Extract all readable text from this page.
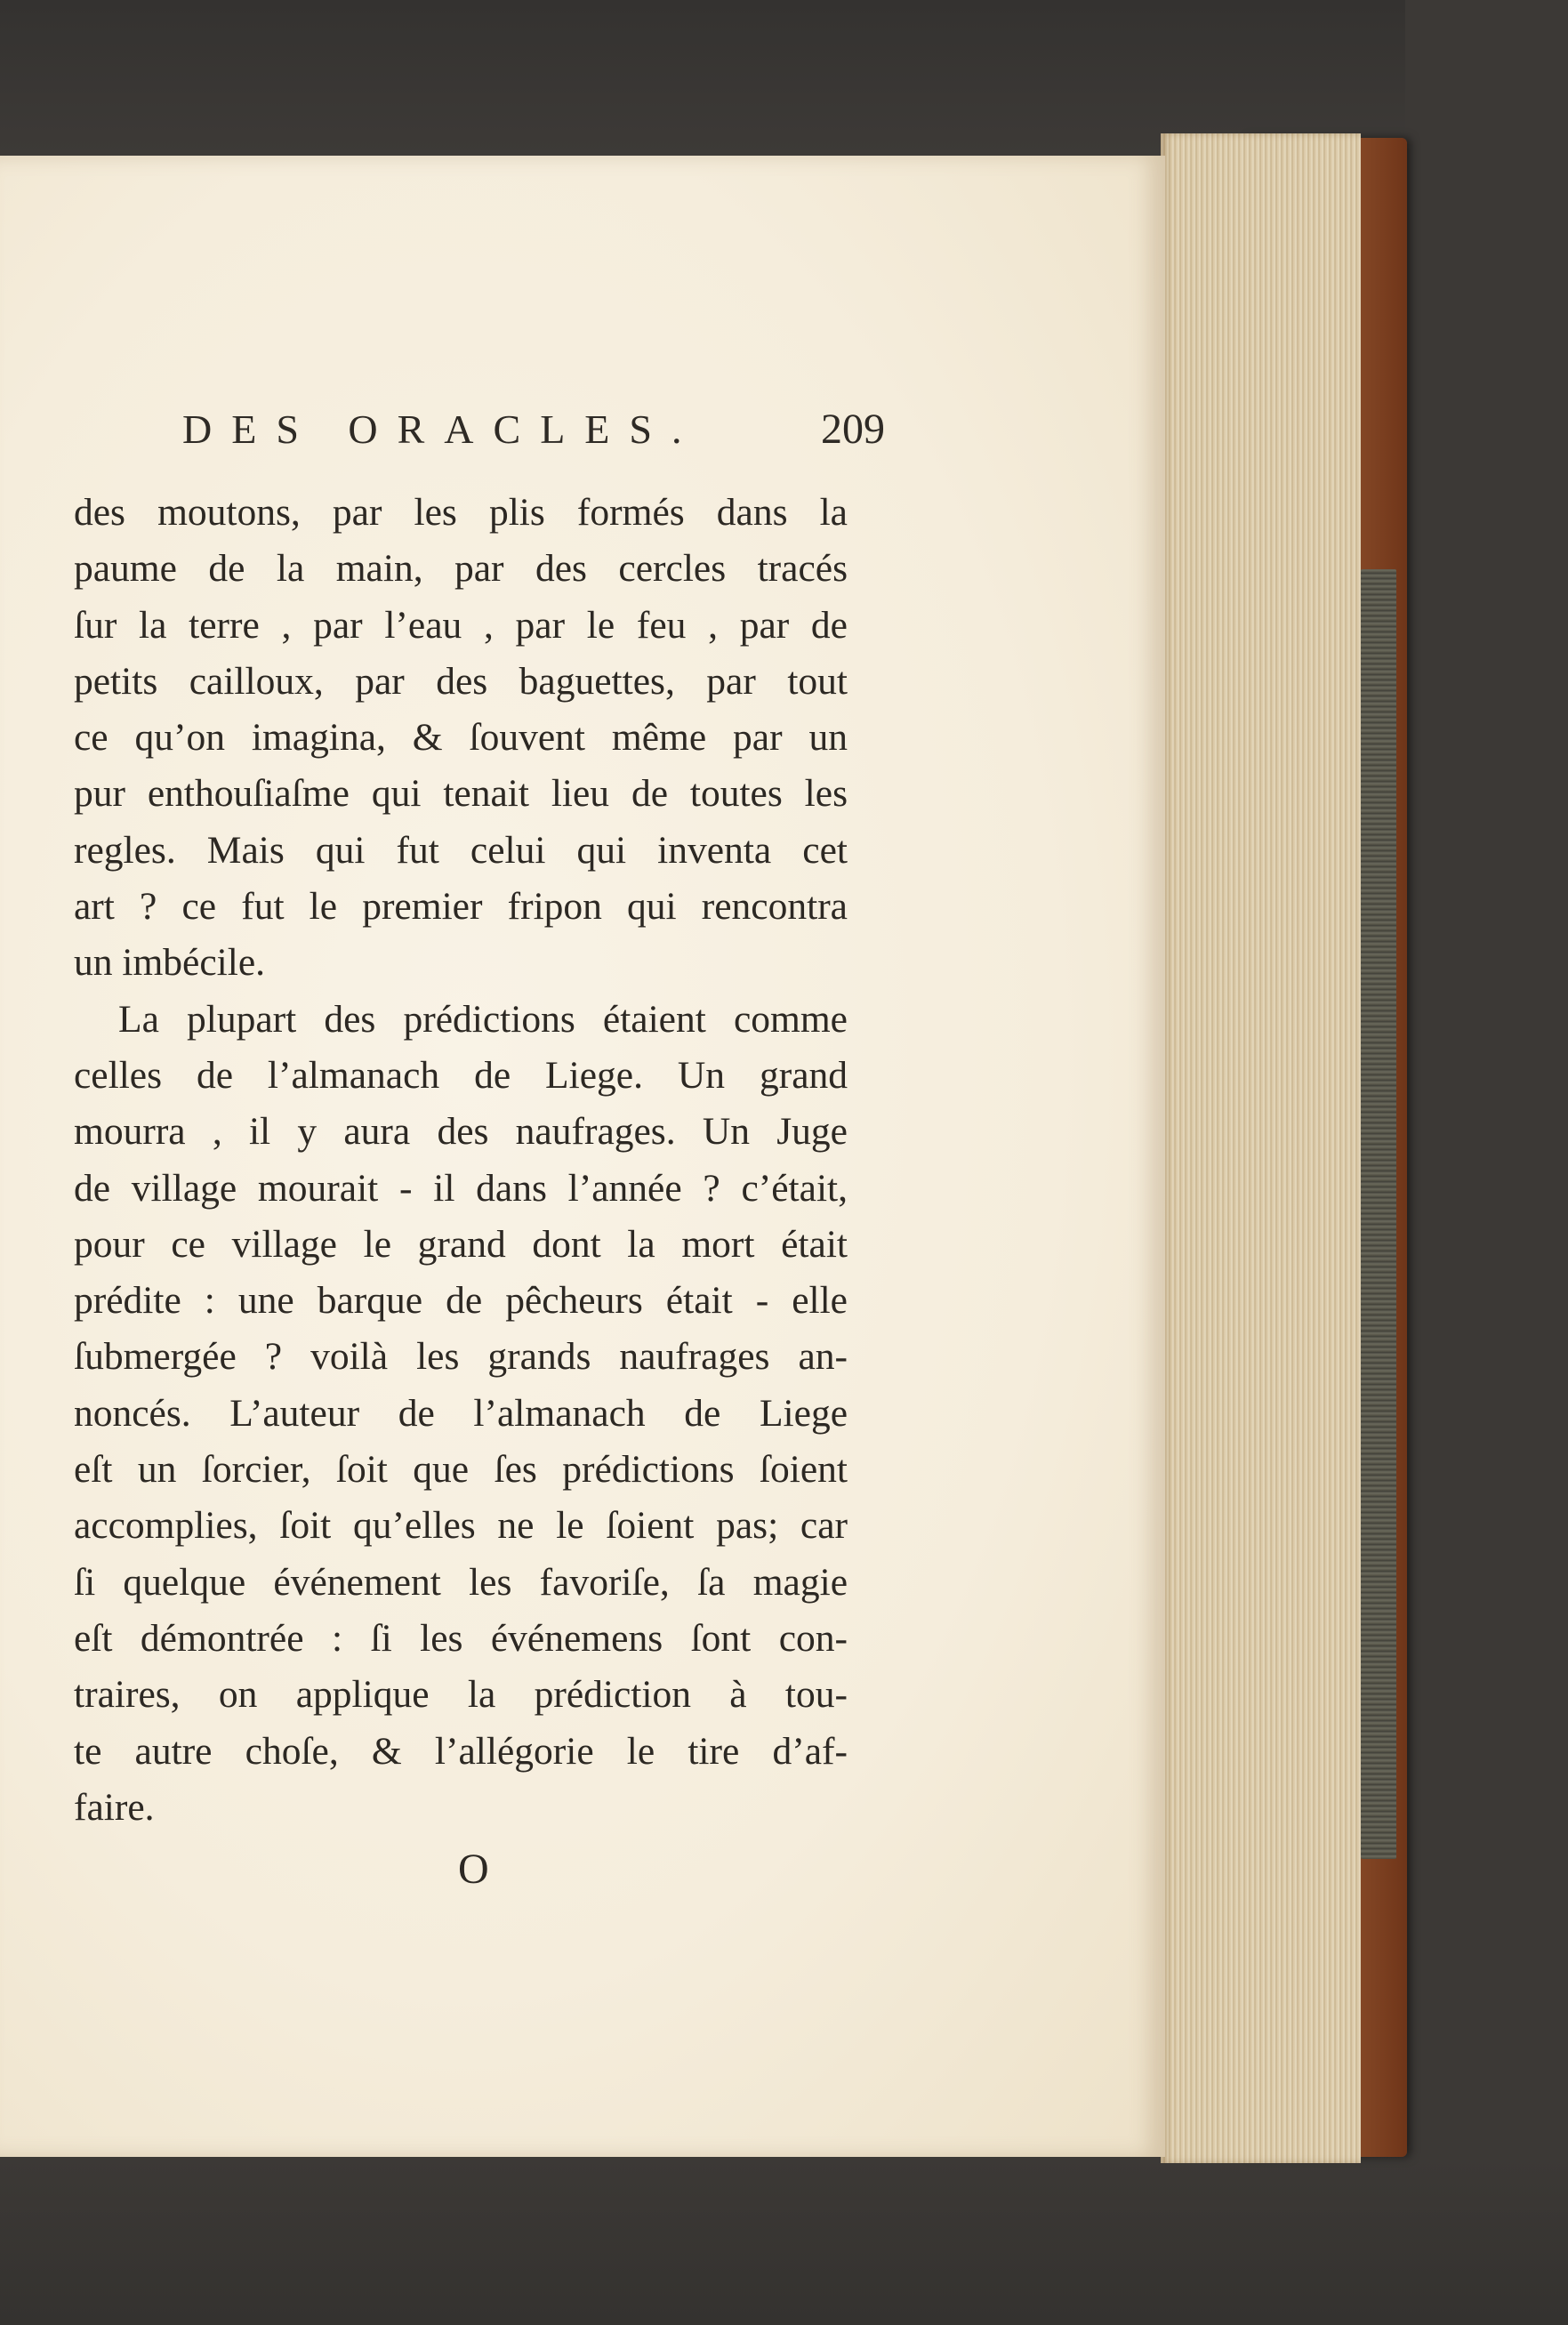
DES ORACLES.	209
des moutons, par les plis formés dans la
paume de la main, par des cercles tracés
ſur la terre , par l’eau , par le feu , par de
petits cailloux, par des baguettes, par tout
ce qu’on imagina, & ſouvent même par un
pur enthouſiaſme qui tenait lieu de toutes les
regles. Mais qui fut celui qui inventa cet
art ? ce fut le premier fripon qui rencontra
un imbécile.
La plupart des prédictions étaient comme
celles de l’almanach de Liege. Un grand
mourra , il y aura des naufrages. Un Juge
de village mourait - il dans l’année ? c’était,
pour ce village le grand dont la mort était
prédite : une barque de pêcheurs était - elle
ſubmergée ? voilà les grands naufrages an-
noncés. L’auteur de l’almanach de Liege
eſt un ſorcier, ſoit que ſes prédictions ſoient
accomplies, ſoit qu’elles ne le ſoient pas; car
ſi quelque événement les favoriſe, ſa magie
eſt démontrée : ſi les événemens ſont con-
traires, on applique la prédiction à tou-
te autre choſe, & l’allégorie le tire d’af-
faire.
O
